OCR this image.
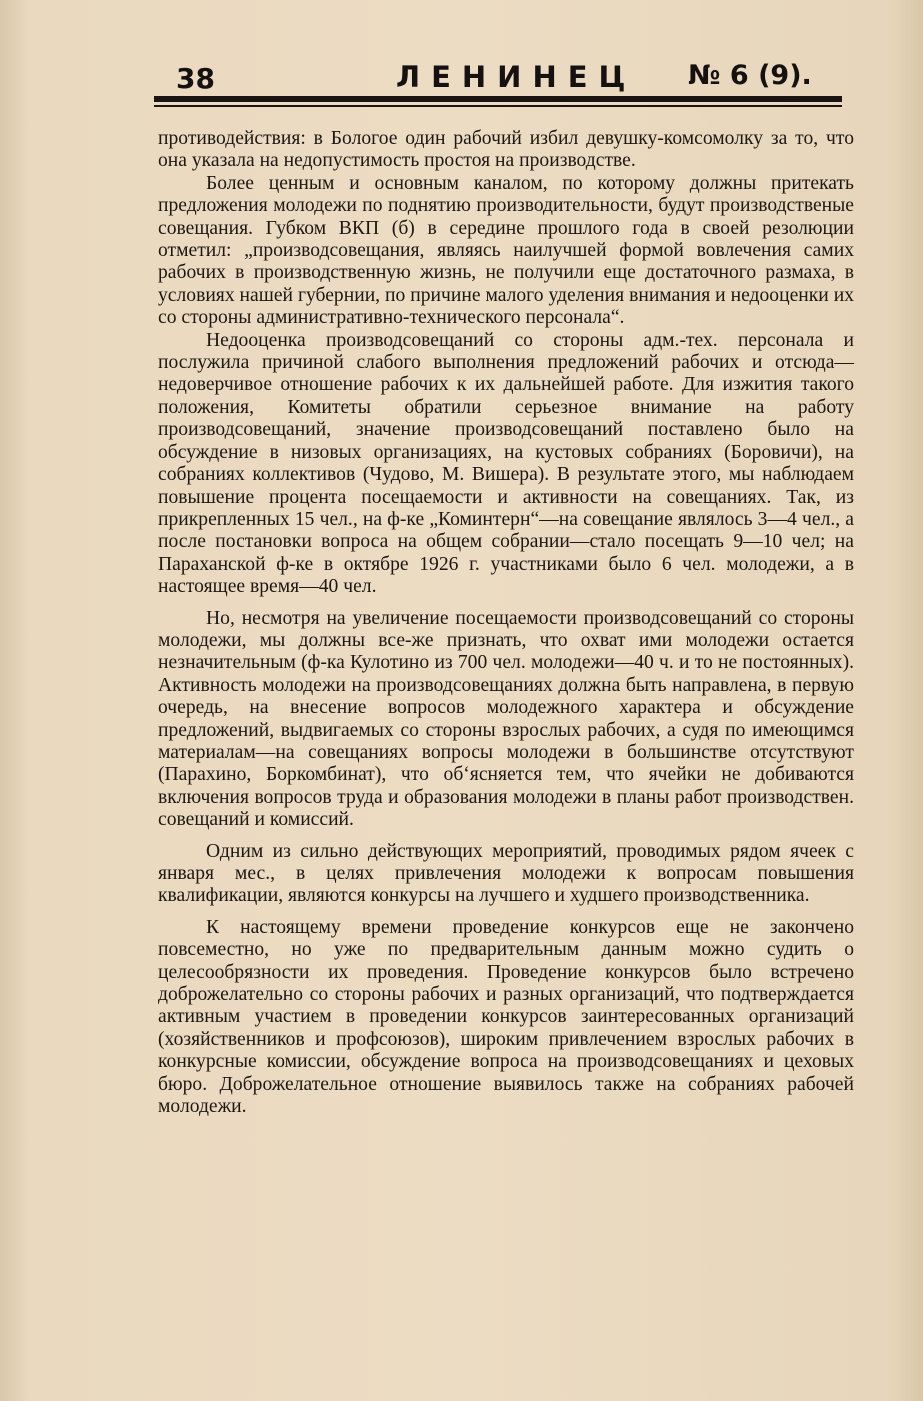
38	ЛЕНИНЕЦ № 6 (9).

противодействия: в Бологое один рабочий избил девушку-комсомолку за то, что она указала на недопустимость простоя на производстве.

Более ценным и основным каналом, по которому должны притекать предложения молодежи по поднятию производительности, будут производственые совещания. Губком ВКП (б) в середине прошлого года в своей резолюции отметил: „производсовещания, являясь наилучшей формой вовлечения самих рабочих в производственную жизнь, не получили еще достаточного размаха, в условиях нашей губернии, по причине малого уделения внимания и недооценки их со стороны административно-технического персонала“.

Недооценка производсовещаний со стороны адм.-тех. персонала и послужила причиной слабого выполнения предложений рабочих и отсюда—недоверчивое отношение рабочих к их дальнейшей работе. Для изжития такого положения, Комитеты обратили серьезное внимание на работу производсовещаний, значение производсовещаний поставлено было на обсуждение в низовых организациях, на кустовых собраниях (Боровичи), на собраниях коллективов (Чудово, М. Вишера). В результате этого, мы наблюдаем повышение процента посещаемости и активности на совещаниях. Так, из прикрепленных 15 чел., на ф-ке „Коминтерн“—на совещание являлось 3—4 чел., а после постановки вопроса на общем собрании—стало посещать 9—10 чел; на Параханской ф-ке в октябре 1926 г. участниками было 6 чел. молодежи, а в настоящее время—40 чел.

Но, несмотря на увеличение посещаемости производсовещаний со стороны молодежи, мы должны все-же признать, что охват ими молодежи остается незначительным (ф-ка Кулотино из 700 чел. молодежи—40 ч. и то не постоянных). Активность молодежи на производсовещаниях должна быть направлена, в первую очередь, на внесение вопросов молодежного характера и обсуждение предложений, выдвигаемых со стороны взрослых рабочих, а судя по имеющимся материалам—на совещаниях вопросы молодежи в большинстве отсутствуют (Парахино, Боркомбинат), что об‘ясняется тем, что ячейки не добиваются включения вопросов труда и образования молодежи в планы работ производствен. совещаний и комиссий.

Одним из сильно действующих мероприятий, проводимых рядом ячеек с января мес., в целях привлечения молодежи к вопросам повышения квалификации, являются конкурсы на лучшего и худшего производственника.

К настоящему времени проведение конкурсов еще не закончено повсеместно, но уже по предварительным данным можно судить о целесообрязности их проведения. Проведение конкурсов было встречено доброжелательно со стороны рабочих и разных организаций, что подтверждается активным участием в проведении конкурсов заинтересованных организаций (хозяйственников и профсоюзов), широким привлечением взрослых рабочих в конкурсные комиссии, обсуждение вопроса на производсовещаниях и цеховых бюро. Доброжелательное отношение выявилось также на собраниях рабочей молодежи.
